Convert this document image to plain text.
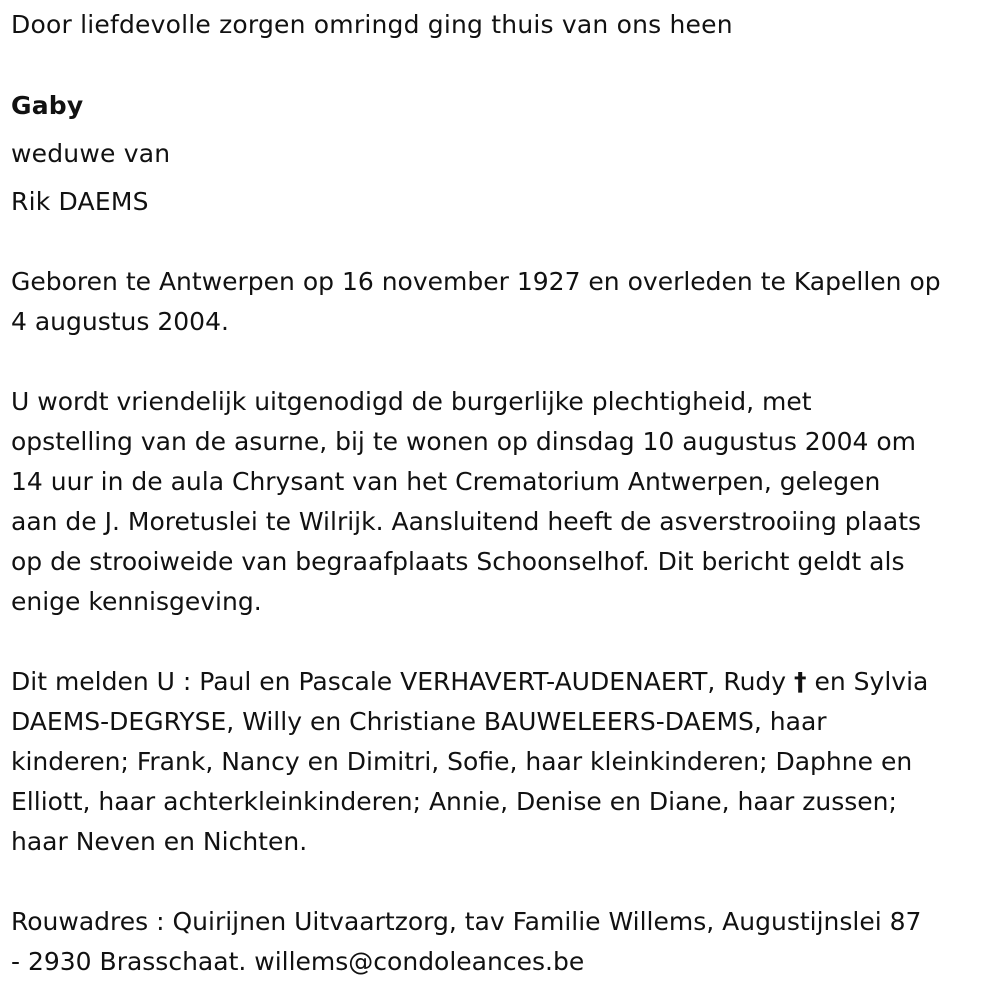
Door liefdevolle zorgen omringd ging thuis van ons heen
Gaby
weduwe van
Rik DAEMS
Geboren te Antwerpen op 16 november 1927 en overleden te Kapellen op
4 augustus 2004.
U wordt vriendelijk uitgenodigd de burgerlijke plechtigheid, met
opstelling van de asurne, bij te wonen op dinsdag 10 augustus 2004 om
14 uur in de aula Chrysant van het Crematorium Antwerpen, gelegen
aan de J. Moretuslei te Wilrijk. Aansluitend heeft de asverstrooiing plaats
op de strooiweide van begraafplaats Schoonselhof. Dit bericht geldt als
enige kennisgeving.
Dit melden U : Paul en Pascale VERHAVERT-AUDENAERT, Rudy † en Sylvia
DAEMS-DEGRYSE, Willy en Christiane BAUWELEERS-DAEMS, haar
kinderen; Frank, Nancy en Dimitri, Sofie, haar kleinkinderen; Daphne en
Elliott, haar achterkleinkinderen; Annie, Denise en Diane, haar zussen;
haar Neven en Nichten.
Rouwadres : Quirijnen Uitvaartzorg, tav Familie Willems, Augustijnslei 87
- 2930 Brasschaat. willems@condoleances.be
